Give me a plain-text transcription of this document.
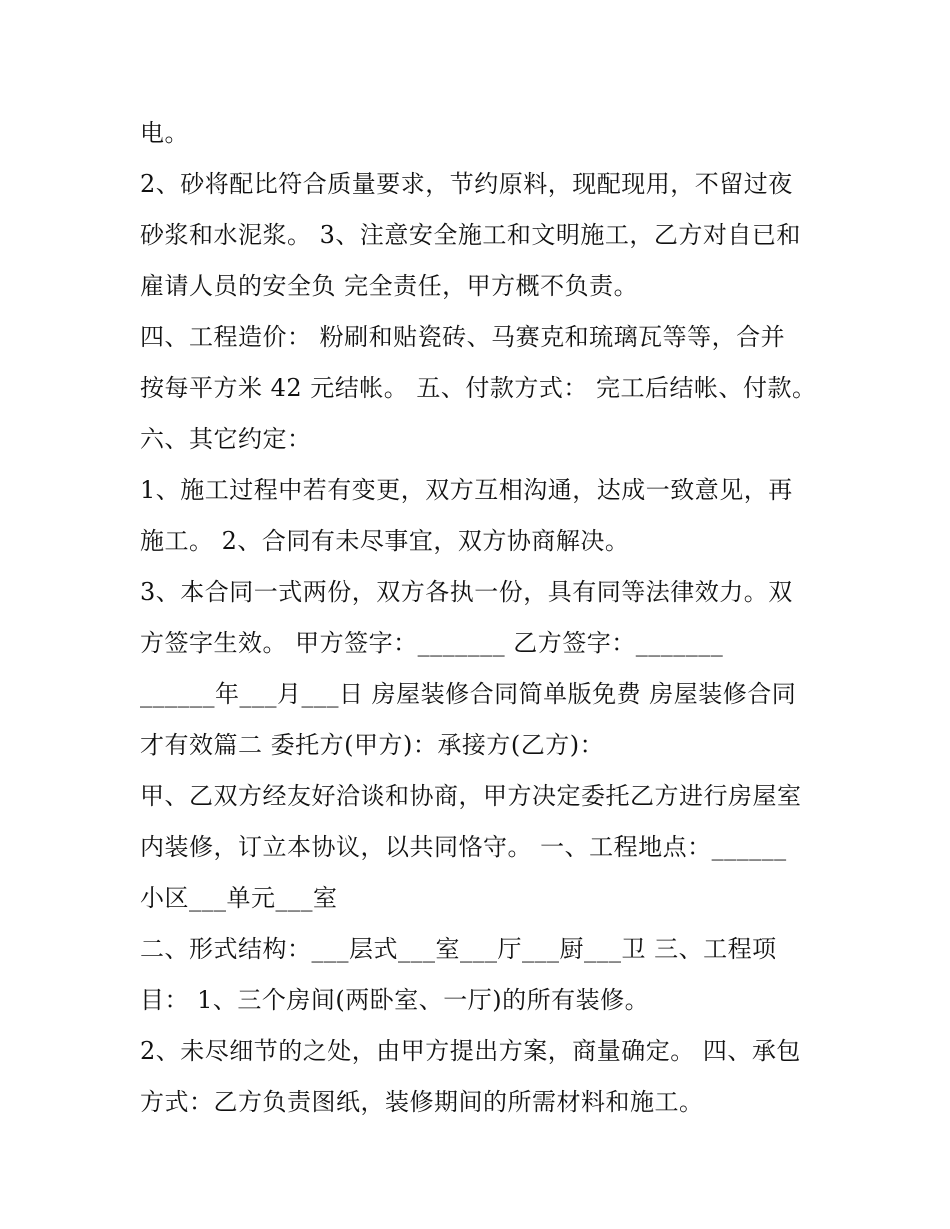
电。
2、砂将配比符合质量要求，节约原料，现配现用，不留过夜
砂浆和水泥浆。 3、注意安全施工和文明施工，乙方对自已和
雇请人员的安全负 完全责任，甲方概不负责。
四、工程造价： 粉刷和贴瓷砖、马赛克和琉璃瓦等等，合并
按每平方米 42 元结帐。 五、付款方式： 完工后结帐、付款。
六、其它约定：
1、施工过程中若有变更，双方互相沟通，达成一致意见，再
施工。 2、合同有未尽事宜，双方协商解决。
3、本合同一式两份，双方各执一份，具有同等法律效力。双
方签字生效。 甲方签字：_______ 乙方签字：_______
______年___月___日 房屋装修合同简单版免费 房屋装修合同
才有效篇二 委托方(甲方)：承接方(乙方)：
甲、乙双方经友好洽谈和协商，甲方决定委托乙方进行房屋室
内装修，订立本协议，以共同恪守。 一、工程地点：______
小区___单元___室
二、形式结构：___层式___室___厅___厨___卫 三、工程项
目： 1、三个房间(两卧室、一厅)的所有装修。
2、未尽细节的之处，由甲方提出方案，商量确定。 四、承包
方式：乙方负责图纸，装修期间的所需材料和施工。
